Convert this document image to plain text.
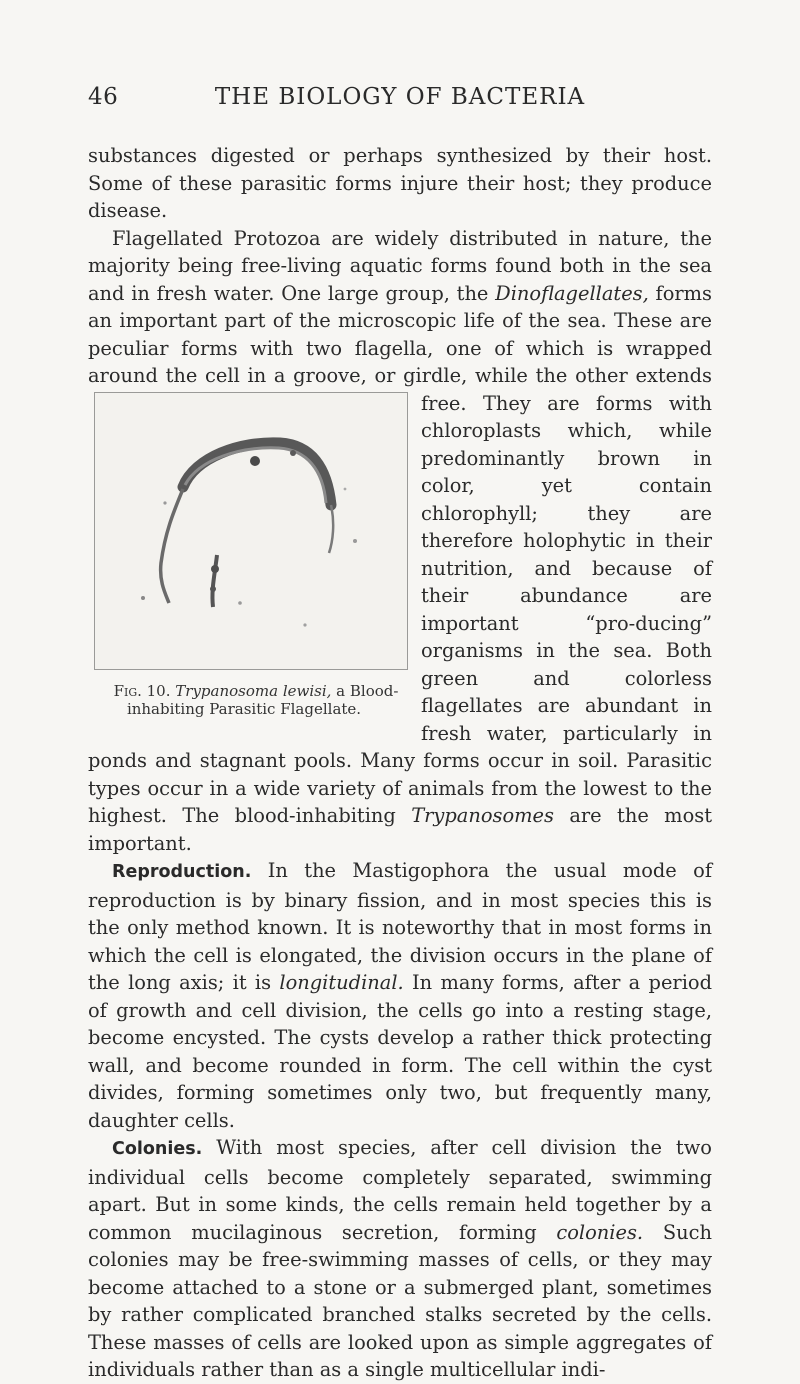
46	THE BIOLOGY OF BACTERIA

substances digested or perhaps synthesized by their host. Some of these parasitic forms injure their host; they produce disease.

Flagellated Protozoa are widely distributed in nature, the majority being free-living aquatic forms found both in the sea and in fresh water. One large group, the Dinoflagellates, forms an important part of the microscopic life of the sea. These are peculiar forms with two flagella, one of which is wrapped around the cell in a groove, or girdle, while the other extends free.
Fig. 10. Trypanosoma lewisi, a Blood-inhabiting Parasitic Flagellate.
They are forms with chloroplasts which, while predominantly brown in color, yet contain chlorophyll; they are therefore holophytic in their nutrition, and because of their abundance are important “pro-ducing” organisms in the sea. Both green and colorless flagellates are abundant in fresh water, particularly in ponds and stagnant pools. Many forms occur in soil. Parasitic types occur in a wide variety of animals from the lowest to the highest. The blood-inhabiting Trypanosomes are the most important.

Reproduction. In the Mastigophora the usual mode of reproduction is by binary fission, and in most species this is the only method known. It is noteworthy that in most forms in which the cell is elongated, the division occurs in the plane of the long axis; it is longitudinal. In many forms, after a period of growth and cell division, the cells go into a resting stage, become encysted. The cysts develop a rather thick protecting wall, and become rounded in form. The cell within the cyst divides, forming sometimes only two, but frequently many, daughter cells.

Colonies. With most species, after cell division the two individual cells become completely separated, swimming apart. But in some kinds, the cells remain held together by a common mucilaginous secretion, forming colonies. Such colonies may be free-swimming masses of cells, or they may become attached to a stone or a submerged plant, sometimes by rather complicated branched stalks secreted by the cells. These masses of cells are looked upon as simple aggregates of individuals rather than as a single multicellular indi-
